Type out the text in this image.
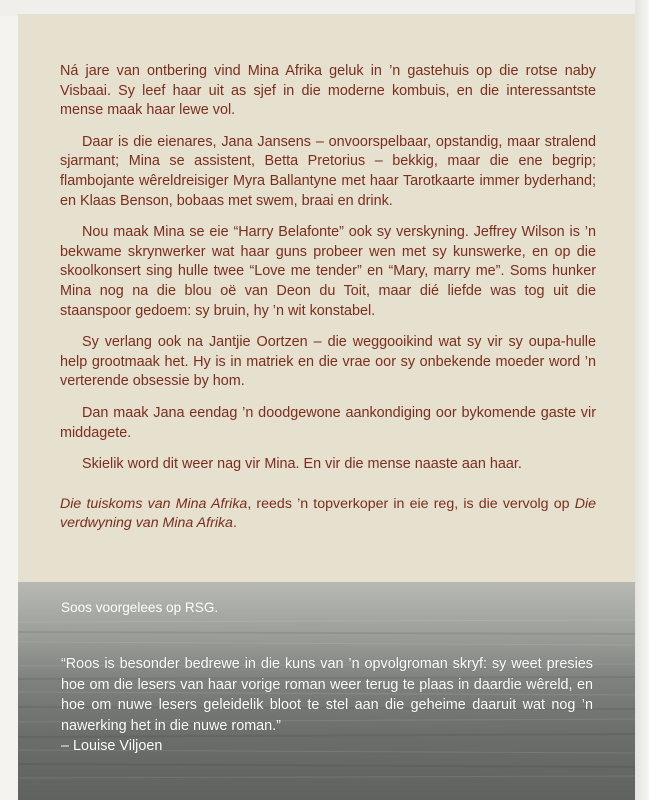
Ná jare van ontbering vind Mina Afrika geluk in ’n gastehuis op die rotse naby Visbaai. Sy leef haar uit as sjef in die moderne kombuis, en die interessantste mense maak haar lewe vol.

Daar is die eienares, Jana Jansens – onvoorspelbaar, opstandig, maar stralend sjarmant; Mina se assistent, Betta Pretorius – bekkig, maar die ene begrip; flambojante wêreldreisiger Myra Ballantyne met haar Tarotkaarte immer byderhand; en Klaas Benson, bobaas met swem, braai en drink.

Nou maak Mina se eie “Harry Belafonte” ook sy verskyning. Jeffrey Wilson is ’n bekwame skrynwerker wat haar guns probeer wen met sy kunswerke, en op die skoolkonsert sing hulle twee “Love me tender” en “Mary, marry me”. Soms hunker Mina nog na die blou oë van Deon du Toit, maar dié liefde was tog uit die staanspoor gedoem: sy bruin, hy ’n wit konstabel.

Sy verlang ook na Jantjie Oortzen – die weggooikind wat sy vir sy oupa-hulle help grootmaak het. Hy is in matriek en die vrae oor sy onbekende moeder word ’n verterende obsessie by hom.

Dan maak Jana eendag ’n doodgewone aankondiging oor bykomende gaste vir middagete.

Skielik word dit weer nag vir Mina. En vir die mense naaste aan haar.

Die tuiskoms van Mina Afrika, reeds ’n topverkoper in eie reg, is die vervolg op Die verdwyning van Mina Afrika.

Soos voorgelees op RSG.
“Roos is besonder bedrewe in die kuns van ’n opvolgroman skryf: sy weet presies hoe om die lesers van haar vorige roman weer terug te plaas in daardie wêreld, en hoe om nuwe lesers geleidelik bloot te stel aan die geheime daaruit wat nog ’n nawerking het in die nuwe roman.”
– Louise Viljoen
